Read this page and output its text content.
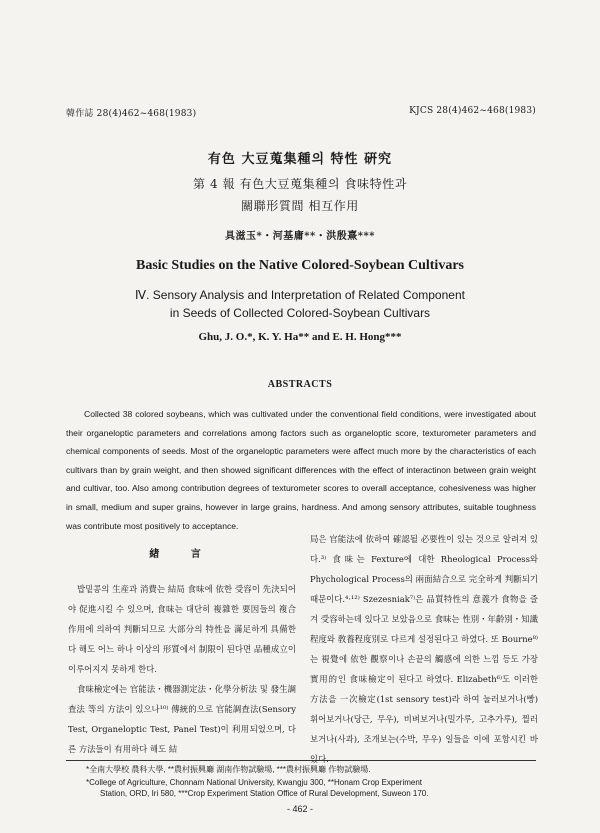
韓作誌 28(4)462~468(1983)	KJCS 28(4)462~468(1983)
有色 大豆蒐集種의 特性 硏究
第 4 報 有色大豆蒐集種의 食味特性과
關聯形質間 相互作用
具滋玉*・河基庸**・洪殷熹***
Basic Studies on the Native Colored-Soybean Cultivars
Ⅳ. Sensory Analysis and Interpretation of Related Component
in Seeds of Collected Colored-Soybean Cultivars
Ghu, J. O.*, K. Y. Ha** and E. H. Hong***
ABSTRACTS

Collected 38 colored soybeans, which was cultivated under the conventional field conditions, were investigated about their organeloptic parameters and correlations among factors such as organeloptic score, texturometer parameters and chemical components of seeds. Most of the organeloptic parameters were affect much more by the characteristics of each cultivars than by grain weight, and then showed significant differences with the effect of interactinon between grain weight and cultivar, too. Also among contribution degrees of texturometer scores to overall acceptance, cohesiveness was higher in small, medium and super grains, however in large grains, hardness. And among sensory attributes, suitable toughness was contribute most positively to acceptance.

緖 言

밥밑콩의 生産과 消費는 結局 食味에 依한 受容이 先決되어야 促進시킬 수 있으며, 食味는 대단히 複雜한 要因들의 複合作用에 의하여 判斷되므로 大部分의 特性을 滿足하게 具備한다 해도 어느 하나 이상의 形質에서 制限이 된다면 品種成立이 이루어지지 못하게 한다.

食味檢定에는 官能法・機器測定法・化學分析法 및 發生調査法 等의 方法이 있으나¹⁰⁾ 傳統的으로 官能調査法(Sensory Test, Organeloptic Test, Panel Test)이 利用되었으며, 다른 方法들이 有用하다 해도 結

局은 官能法에 依하여 確認될 必要性이 있는 것으로 알려져 있다.³⁾ 食味는 Fexture에 대한 Rheological Process와 Phychological Process의 兩面結合으로 完全하게 判斷되기 때문이다.⁴·¹²⁾ Szezesniak⁷⁾은 品質特性의 意義가 食物을 즐겨 受容하는데 있다고 보았음으로 食味는 性別・年齡別・知識程度와 敎養程度別로 다르게 설정된다고 하였다. 또 Bourne⁸⁾는 視覺에 依한 觀察이나 손끝의 觸感에 의한 느낌 등도 가장 實用的인 食味檢定이 된다고 하였다. Elizabeth⁶⁾도 이러한 方法을 一次檢定(1st sensory test)라 하여 눌러보거나(빵) 휘어보거나(당근, 무우), 비벼보거나(밀가루, 고추가루), 찔러보거나(사과), 조개보는(수박, 무우) 일들을 이에 포함시킨 바 있다.

*全南大學校 農科大學, **農村振興廳 湖南作物試驗場, ***農村振興廳 作物試驗場.
*College of Agriculture, Chonnam National University, Kwangju 300, **Honam Crop Experiment
Station, ORD, Iri 580, ***Crop Experiment Station Office of Rural Development, Suweon 170.
- 462 -
